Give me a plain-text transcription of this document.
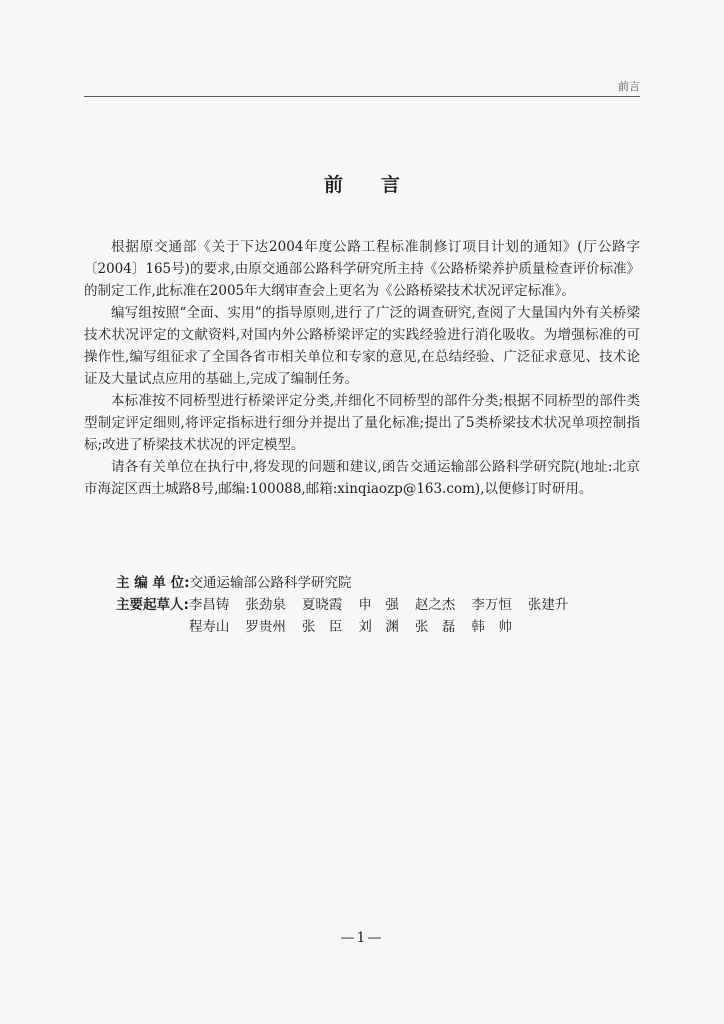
前言
前言

根据原交通部《关于下达2004年度公路工程标准制修订项目计划的通知》(厅公路字〔2004〕165号)的要求,由原交通部公路科学研究所主持《公路桥梁养护质量检查评价标准》的制定工作,此标准在2005年大纲审查会上更名为《公路桥梁技术状况评定标准》。

编写组按照“全面、实用”的指导原则,进行了广泛的调查研究,查阅了大量国内外有关桥梁技术状况评定的文献资料,对国内外公路桥梁评定的实践经验进行消化吸收。为增强标准的可操作性,编写组征求了全国各省市相关单位和专家的意见,在总结经验、广泛征求意见、技术论证及大量试点应用的基础上,完成了编制任务。

本标准按不同桥型进行桥梁评定分类,并细化不同桥型的部件分类;根据不同桥型的部件类型制定评定细则,将评定指标进行细分并提出了量化标准;提出了5类桥梁技术状况单项控制指标;改进了桥梁技术状况的评定模型。

请各有关单位在执行中,将发现的问题和建议,函告交通运输部公路科学研究院(地址:北京市海淀区西土城路8号,邮编:100088,邮箱:xinqiaozp@163.com),以便修订时研用。

主 编 单 位: 交通运输部公路科学研究院
主要起草人: 李昌铸 张劲泉 夏晓霞 申　强 赵之杰 李万恒 张建升
程寿山 罗贵州 张　臣 刘　渊 张　磊 韩　帅
—1—
